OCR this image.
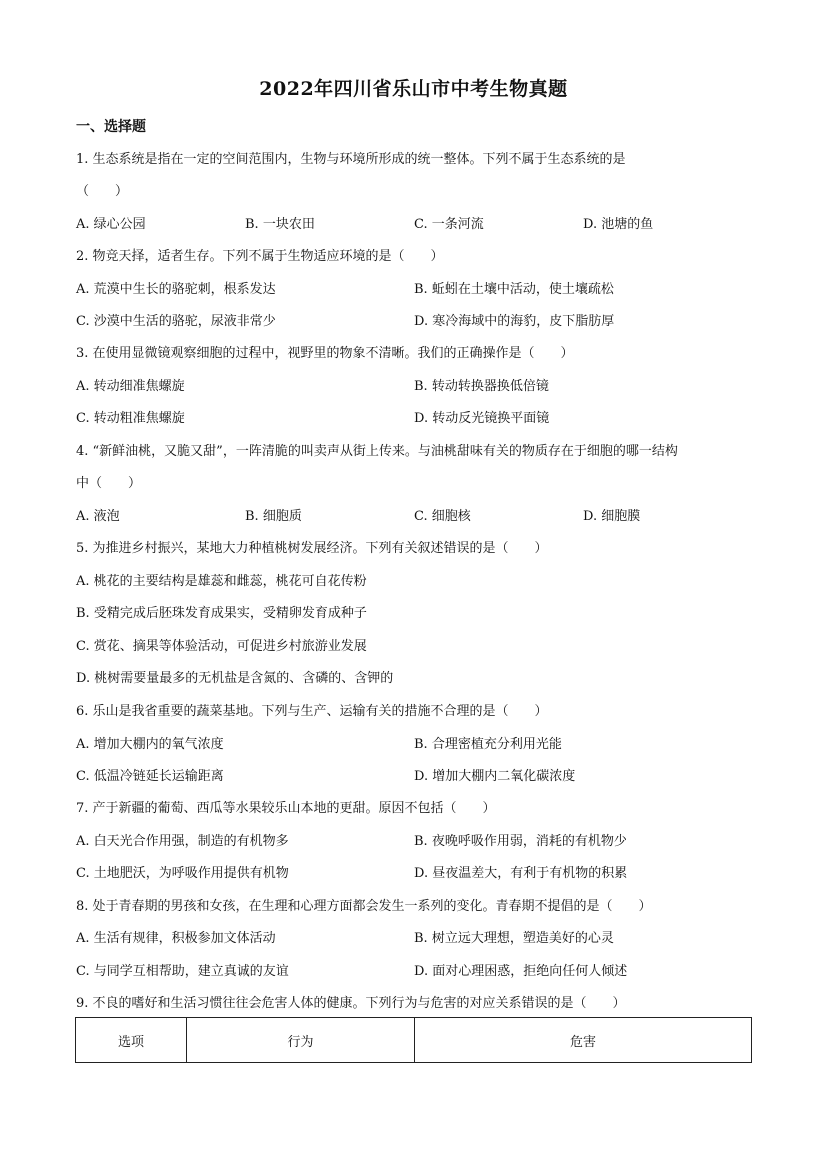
2022年四川省乐山市中考生物真题
一、选择题
1. 生态系统是指在一定的空间范围内，生物与环境所形成的统一整体。下列不属于生态系统的是
（　　）
A. 绿心公园	B. 一块农田	C. 一条河流	D. 池塘的鱼
2. 物竞天择，适者生存。下列不属于生物适应环境的是（　　）
A. 荒漠中生长的骆驼刺，根系发达	B. 蚯蚓在土壤中活动，使土壤疏松
C. 沙漠中生活的骆驼，尿液非常少	D. 寒冷海域中的海豹，皮下脂肪厚
3. 在使用显微镜观察细胞的过程中，视野里的物象不清晰。我们的正确操作是（　　）
A. 转动细准焦螺旋	B. 转动转换器换低倍镜
C. 转动粗准焦螺旋	D. 转动反光镜换平面镜
4. “新鲜油桃，又脆又甜”，一阵清脆的叫卖声从街上传来。与油桃甜味有关的物质存在于细胞的哪一结构
中（　　）
A. 液泡	B. 细胞质	C. 细胞核	D. 细胞膜
5. 为推进乡村振兴，某地大力种植桃树发展经济。下列有关叙述错误的是（　　）
A. 桃花的主要结构是雄蕊和雌蕊，桃花可自花传粉
B. 受精完成后胚珠发育成果实，受精卵发育成种子
C. 赏花、摘果等体验活动，可促进乡村旅游业发展
D. 桃树需要量最多的无机盐是含氮的、含磷的、含钾的
6. 乐山是我省重要的蔬菜基地。下列与生产、运输有关的措施不合理的是（　　）
A. 增加大棚内的氧气浓度	B. 合理密植充分利用光能
C. 低温冷链延长运输距离	D. 增加大棚内二氧化碳浓度
7. 产于新疆的葡萄、西瓜等水果较乐山本地的更甜。原因不包括（　　）
A. 白天光合作用强，制造的有机物多	B. 夜晚呼吸作用弱，消耗的有机物少
C. 土地肥沃，为呼吸作用提供有机物	D. 昼夜温差大，有利于有机物的积累
8. 处于青春期的男孩和女孩，在生理和心理方面都会发生一系列的变化。青春期不提倡的是（　　）
A. 生活有规律，积极参加文体活动	B. 树立远大理想，塑造美好的心灵
C. 与同学互相帮助，建立真诚的友谊	D. 面对心理困惑，拒绝向任何人倾述
9. 不良的嗜好和生活习惯往往会危害人体的健康。下列行为与危害的对应关系错误的是（　　）
选项	行为	危害
